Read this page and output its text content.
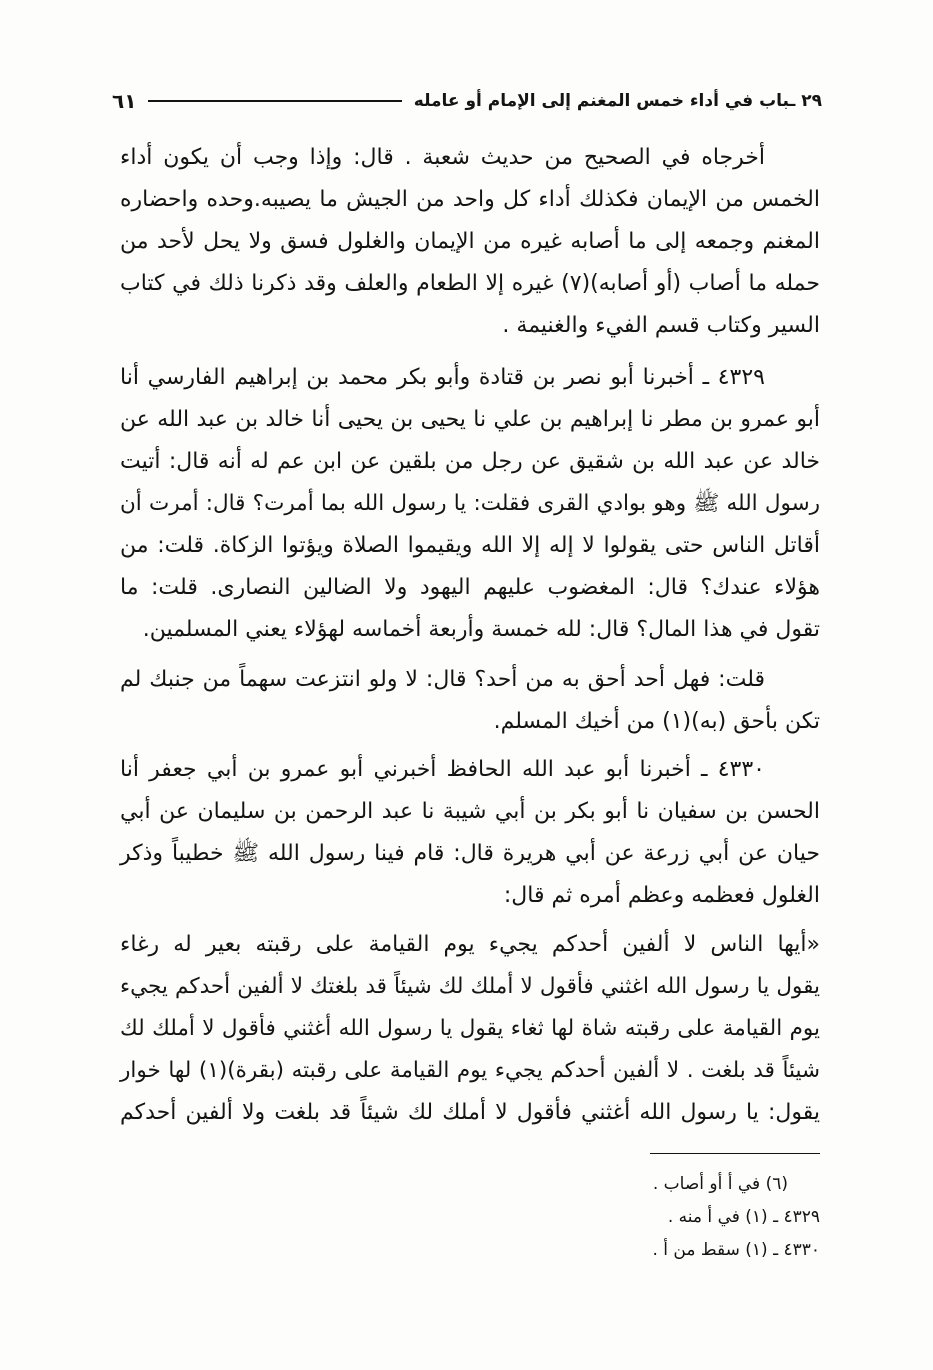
٢٩ ـباب في أداء خمس المغنم إلى الإمام أو عامله
٦١
أخرجاه في الصحيح من حديث شعبة . قال: وإذا وجب أن يكون أداء
الخمس من الإيمان فكذلك أداء كل واحد من الجيش ما يصيبه.وحده واحضاره
المغنم وجمعه إلى ما أصابه غيره من الإيمان والغلول فسق ولا يحل لأحد من
حمله ما أصاب (أو أصابه)(٧) غيره إلا الطعام والعلف وقد ذكرنا ذلك في كتاب
السير وكتاب قسم الفيء والغنيمة .
٤٣٢٩ ـ أخبرنا أبو نصر بن قتادة وأبو بكر محمد بن إبراهيم الفارسي أنا
أبو عمرو بن مطر نا إبراهيم بن علي نا يحيى بن يحيى أنا خالد بن عبد الله عن
خالد عن عبد الله بن شقيق عن رجل من بلقين عن ابن عم له أنه قال: أتيت
رسول الله ﷺ وهو بوادي القرى فقلت: يا رسول الله بما أمرت؟ قال: أمرت أن
أقاتل الناس حتى يقولوا لا إله إلا الله ويقيموا الصلاة ويؤتوا الزكاة. قلت: من
هؤلاء عندك؟ قال: المغضوب عليهم اليهود ولا الضالين النصارى. قلت: ما
تقول في هذا المال؟ قال: لله خمسة وأربعة أخماسه لهؤلاء يعني المسلمين.
قلت: فهل أحد أحق به من أحد؟ قال: لا ولو انتزعت سهماً من جنبك لم
تكن بأحق (به)(١) من أخيك المسلم.
٤٣٣٠ ـ أخبرنا أبو عبد الله الحافظ أخبرني أبو عمرو بن أبي جعفر أنا
الحسن بن سفيان نا أبو بكر بن أبي شيبة نا عبد الرحمن بن سليمان عن أبي
حيان عن أبي زرعة عن أبي هريرة قال: قام فينا رسول الله ﷺ خطيباً وذكر
الغلول فعظمه وعظم أمره ثم قال:
«أيها الناس لا ألفين أحدكم يجيء يوم القيامة على رقبته بعير له رغاء
يقول يا رسول الله اغثني فأقول لا أملك لك شيئاً قد بلغتك لا ألفين أحدكم يجيء
يوم القيامة على رقبته شاة لها ثغاء يقول يا رسول الله أغثني فأقول لا أملك لك
شيئاً قد بلغت . لا ألفين أحدكم يجيء يوم القيامة على رقبته (بقرة)(١) لها خوار
يقول: يا رسول الله أغثني فأقول لا أملك لك شيئاً قد بلغت ولا ألفين أحدكم
(٦) في أ أو أصاب .
٤٣٢٩ ـ (١) في أ منه .
٤٣٣٠ ـ (١) سقط من أ .
